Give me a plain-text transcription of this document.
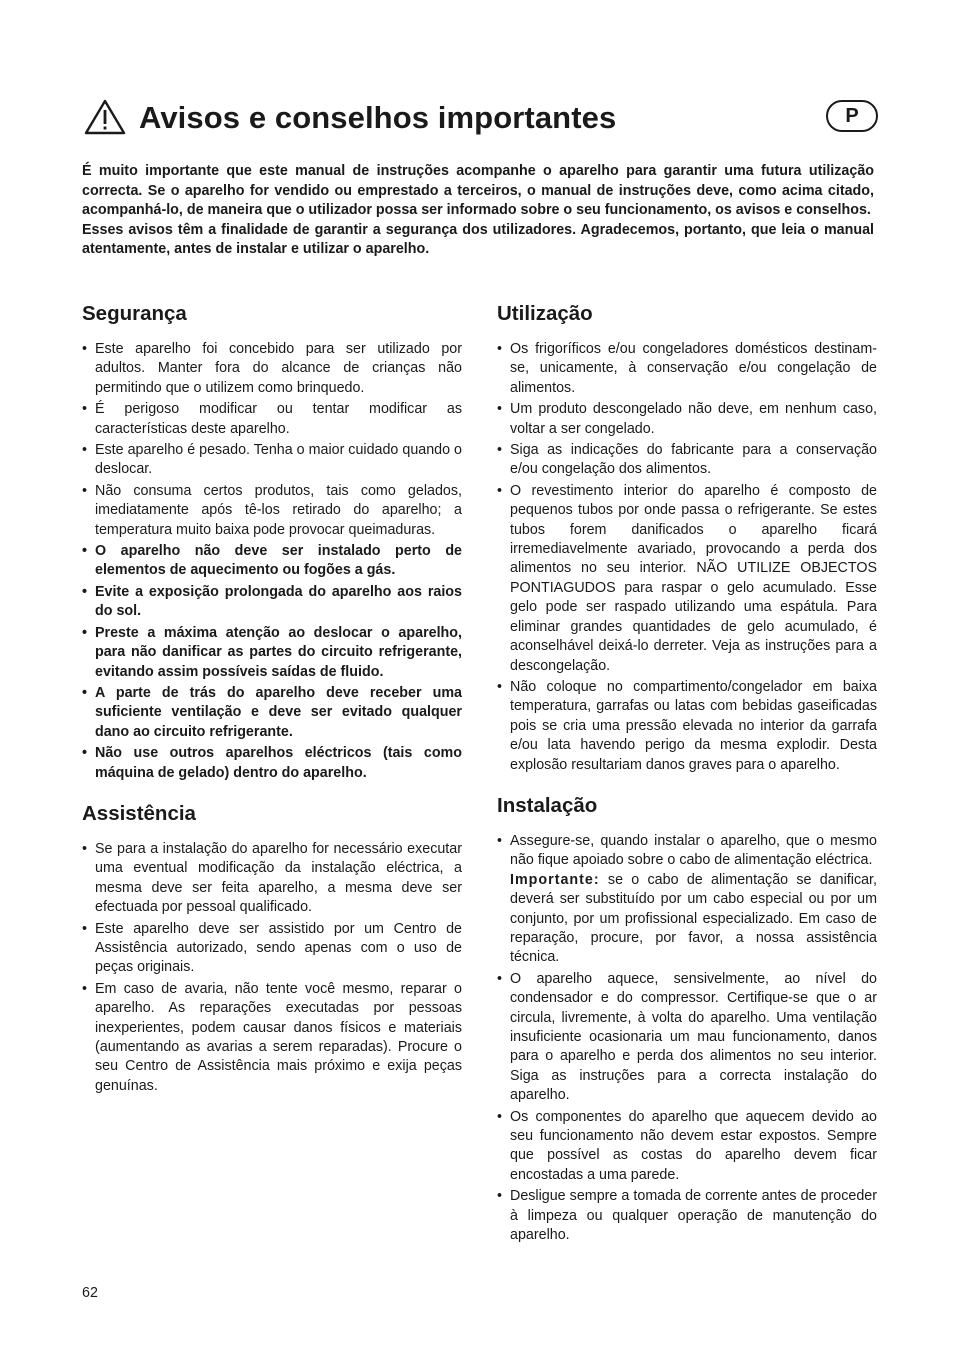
Avisos e conselhos importantes	P

É muito importante que este manual de instruções acompanhe o aparelho para garantir uma futura utilização correcta. Se o aparelho for vendido ou emprestado a terceiros, o manual de instruções deve, como acima citado, acompanhá-lo, de maneira que o utilizador possa ser informado sobre o seu funcionamento, os avisos e conselhos.

Esses avisos têm a finalidade de garantir a segurança dos utilizadores. Agradecemos, portanto, que leia o manual atentamente, antes de instalar e utilizar o aparelho.

Segurança
• Este aparelho foi concebido para ser utilizado por adultos. Manter fora do alcance de crianças não permitindo que o utilizem como brinquedo.
• É perigoso modificar ou tentar modificar as características deste aparelho.
• Este aparelho é pesado. Tenha o maior cuidado quando o deslocar.
• Não consuma certos produtos, tais como gelados, imediatamente após tê-los retirado do aparelho; a temperatura muito baixa pode provocar queimaduras.
• O aparelho não deve ser instalado perto de elementos de aquecimento ou fogões a gás.
• Evite a exposição prolongada do aparelho aos raios do sol.
• Preste a máxima atenção ao deslocar o aparelho, para não danificar as partes do circuito refrigerante, evitando assim possíveis saídas de fluido.
• A parte de trás do aparelho deve receber uma suficiente ventilação e deve ser evitado qualquer dano ao circuito refrigerante.
• Não use outros aparelhos eléctricos (tais como máquina de gelado) dentro do aparelho.
Assistência
• Se para a instalação do aparelho for necessário executar uma eventual modificação da instalação eléctrica, a mesma deve ser feita aparelho, a mesma deve ser efectuada por pessoal qualificado.
• Este aparelho deve ser assistido por um Centro de Assistência autorizado, sendo apenas com o uso de peças originais.
• Em caso de avaria, não tente você mesmo, reparar o aparelho. As reparações executadas por pessoas inexperientes, podem causar danos físicos e materiais (aumentando as avarias a serem reparadas). Procure o seu Centro de Assistência mais próximo e exija peças genuínas.
Utilização
• Os frigoríficos e/ou congeladores domésticos destinam-se, unicamente, à conservação e/ou congelação de alimentos.
• Um produto descongelado não deve, em nenhum caso, voltar a ser congelado.
• Siga as indicações do fabricante para a conservação e/ou congelação dos alimentos.
• O revestimento interior do aparelho é composto de pequenos tubos por onde passa o refrigerante. Se estes tubos forem danificados o aparelho ficará irremediavelmente avariado, provocando a perda dos alimentos no seu interior. NÃO UTILIZE OBJECTOS PONTIAGUDOS para raspar o gelo acumulado. Esse gelo pode ser raspado utilizando uma espátula. Para eliminar grandes quantidades de gelo acumulado, é aconselhável deixá-lo derreter. Veja as instruções para a descongelação.
• Não coloque no compartimento/congelador em baixa temperatura, garrafas ou latas com bebidas gaseificadas pois se cria uma pressão elevada no interior da garrafa e/ou lata havendo perigo da mesma explodir. Desta explosão resultariam danos graves para o aparelho.
Instalação
• Assegure-se, quando instalar o aparelho, que o mesmo não fique apoiado sobre o cabo de alimentação eléctrica.
Importante: se o cabo de alimentação se danificar, deverá ser substituído por um cabo especial ou por um conjunto, por um profissional especializado. Em caso de reparação, procure, por favor, a nossa assistência técnica.
• O aparelho aquece, sensivelmente, ao nível do condensador e do compressor. Certifique-se que o ar circula, livremente, à volta do aparelho. Uma ventilação insuficiente ocasionaria um mau funcionamento, danos para o aparelho e perda dos alimentos no seu interior. Siga as instruções para a correcta instalação do aparelho.
• Os componentes do aparelho que aquecem devido ao seu funcionamento não devem estar expostos. Sempre que possível as costas do aparelho devem ficar encostadas a uma parede.
• Desligue sempre a tomada de corrente antes de proceder à limpeza ou qualquer operação de manutenção do aparelho.
62
